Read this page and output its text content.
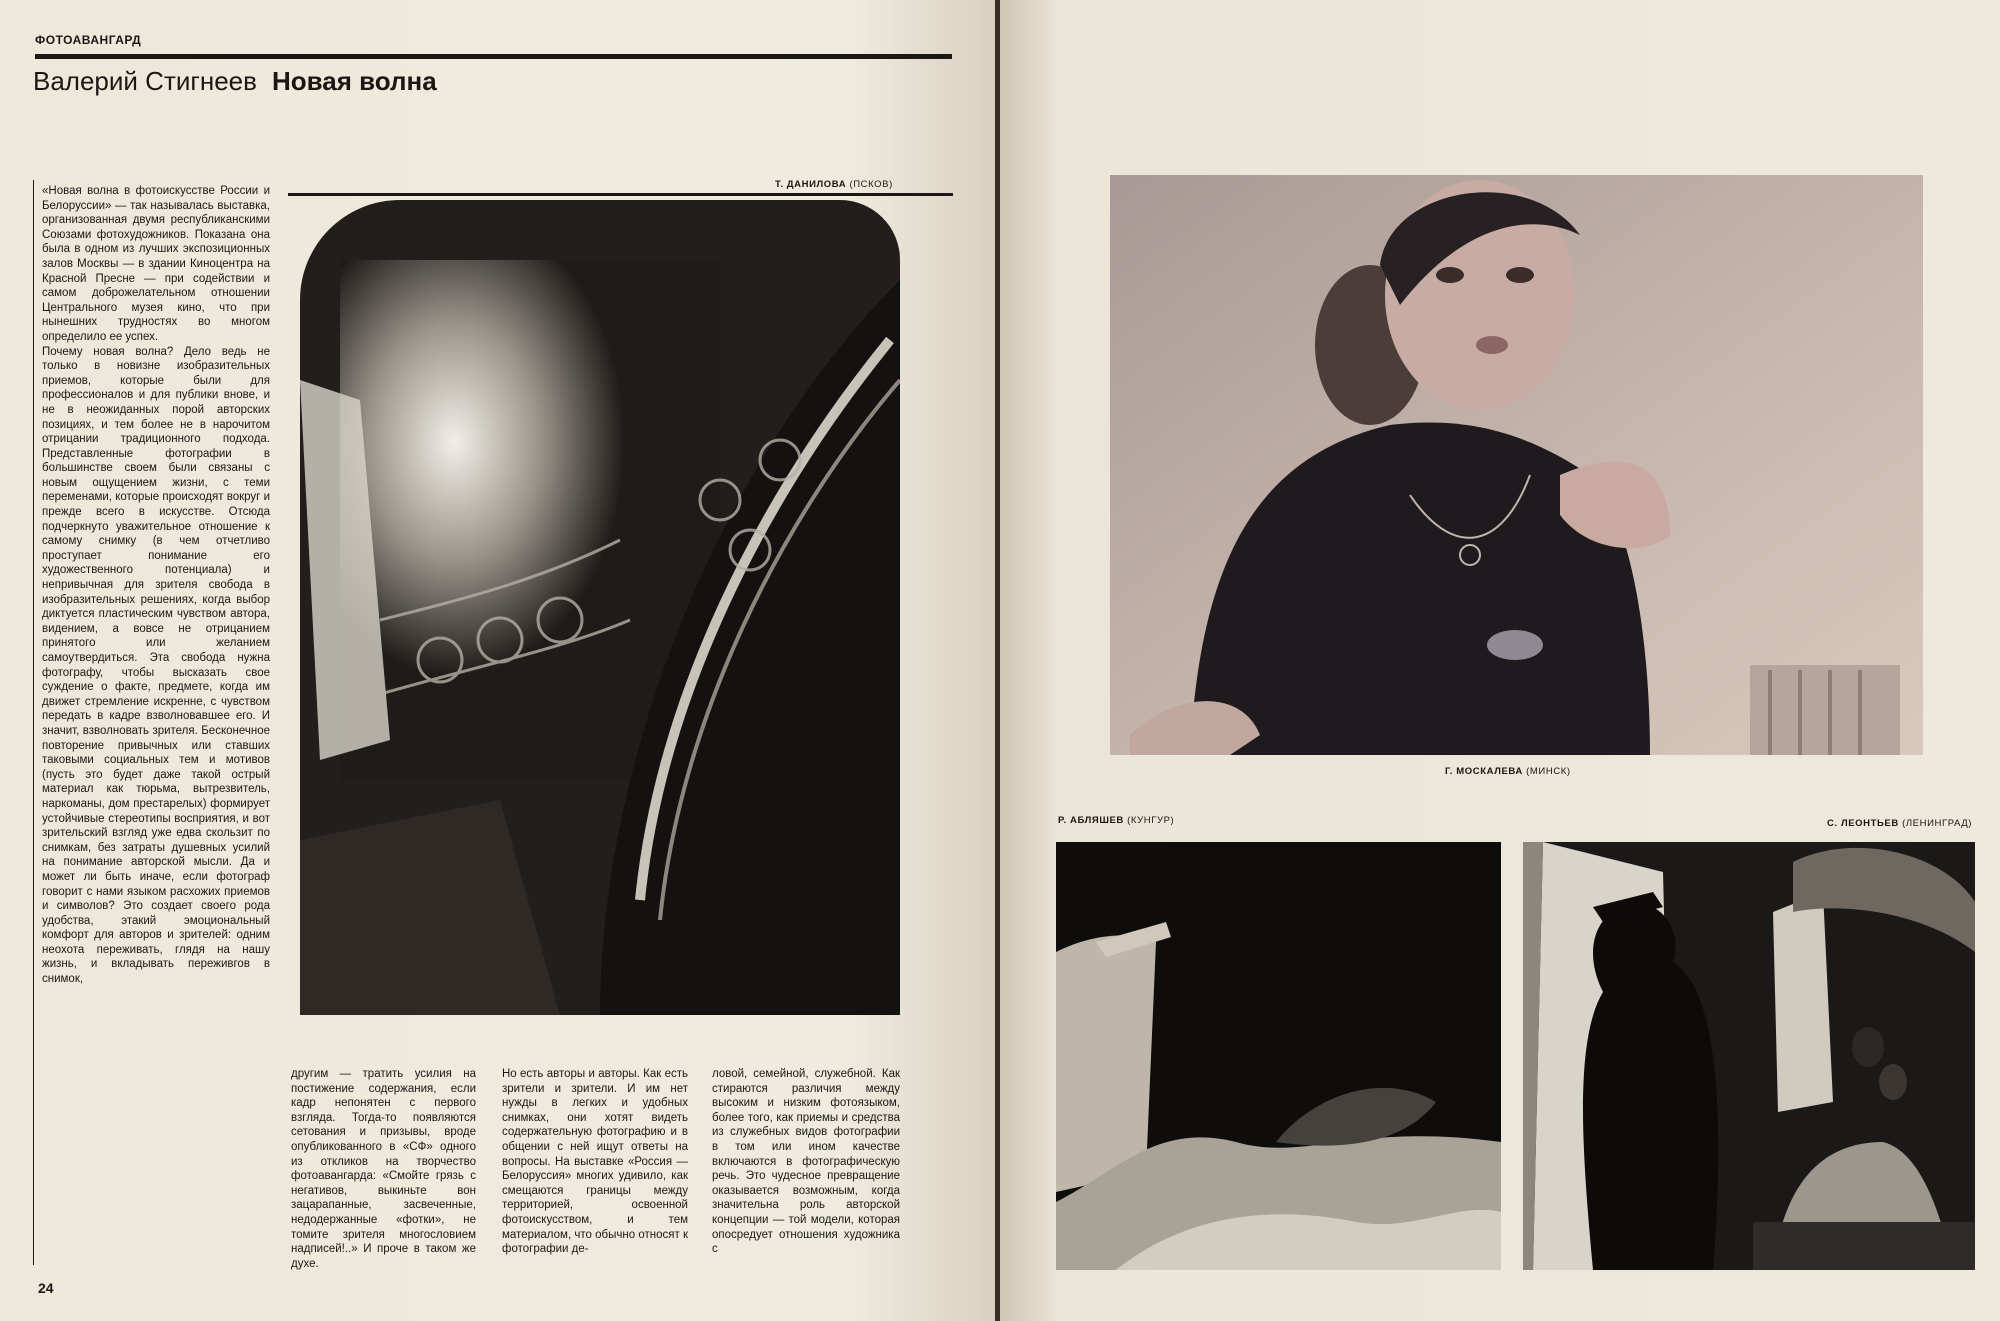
ФОТОАВАНГАРД
Валерий Стигнеев Новая волна
Т. ДАНИЛОВА (ПСКОВ)

«Новая волна в фотоискусстве России и Белоруссии» — так называлась выставка, организованная двумя республиканскими Союзами фотохудожников. Показана она была в одном из лучших экспозиционных залов Москвы — в здании Киноцентра на Красной Пресне — при содействии и самом доброжелательном отношении Центрального музея кино, что при нынешних трудностях во многом определило ее успех.

Почему новая волна? Дело ведь не только в новизне изобразительных приемов, которые были для профессионалов и для публики внове, и не в неожиданных порой авторских позициях, и тем более не в нарочитом отрицании традиционного подхода. Представленные фотографии в большинстве своем были связаны с новым ощущением жизни, с теми переменами, которые происходят вокруг и прежде всего в искусстве. Отсюда подчеркнуто уважительное отношение к самому снимку (в чем отчетливо проступает понимание его художественного потенциала) и непривычная для зрителя свобода в изобразительных решениях, когда выбор диктуется пластическим чувством автора, видением, а вовсе не отрицанием принятого или желанием самоутвердиться. Эта свобода нужна фотографу, чтобы высказать свое суждение о факте, предмете, когда им движет стремление искренне, с чувством передать в кадре взволновавшее его. И значит, взволновать зрителя. Бесконечное повторение привычных или ставших таковыми социальных тем и мотивов (пусть это будет даже такой острый материал как тюрьма, вытрезвитель, наркоманы, дом престарелых) формирует устойчивые стереотипы восприятия, и вот зрительский взгляд уже едва скользит по снимкам, без затраты душевных усилий на понимание авторской мысли. Да и может ли быть иначе, если фотограф говорит с нами языком расхожих приемов и символов? Это создает своего рода удобства, этакий эмоциональный комфорт для авторов и зрителей: одним неохота переживать, глядя на нашу жизнь, и вкладывать переживгов в снимок,

другим — тратить усилия на постижение содержания, если кадр непонятен с первого взгляда. Тогда-то появляются сетования и призывы, вроде опубликованного в «СФ» одного из откликов на творчество фотоавангарда: «Смойте грязь с негативов, выкиньте вон зацарапанные, засвеченные, недодержанные «фотки», не томите зрителя многословием надписей!..» И проче в таком же духе.

Но есть авторы и авторы. Как есть зрители и зрители. И им нет нужды в легких и удобных снимках, они хотят видеть содержательную фотографию и в общении с ней ищут ответы на вопросы. На выставке «Россия — Белоруссия» многих удивило, как смещаются границы между территорией, освоенной фотоискусством, и тем материалом, что обычно относят к фотографии де-

ловой, семейной, служебной. Как стираются различия между высоким и низким фотоязыком, более того, как приемы и средства из служебных видов фотографии в том или ином качестве включаются в фотографическую речь. Это чудесное превращение оказывается возможным, когда значительна роль авторской концепции — той модели, которая опосредует отношения художника с

24
Г. МОСКАЛЕВА (МИНСК)
Р. АБЛЯШЕВ (КУНГУР)	С. ЛЕОНТЬЕВ (ЛЕНИНГРАД)
